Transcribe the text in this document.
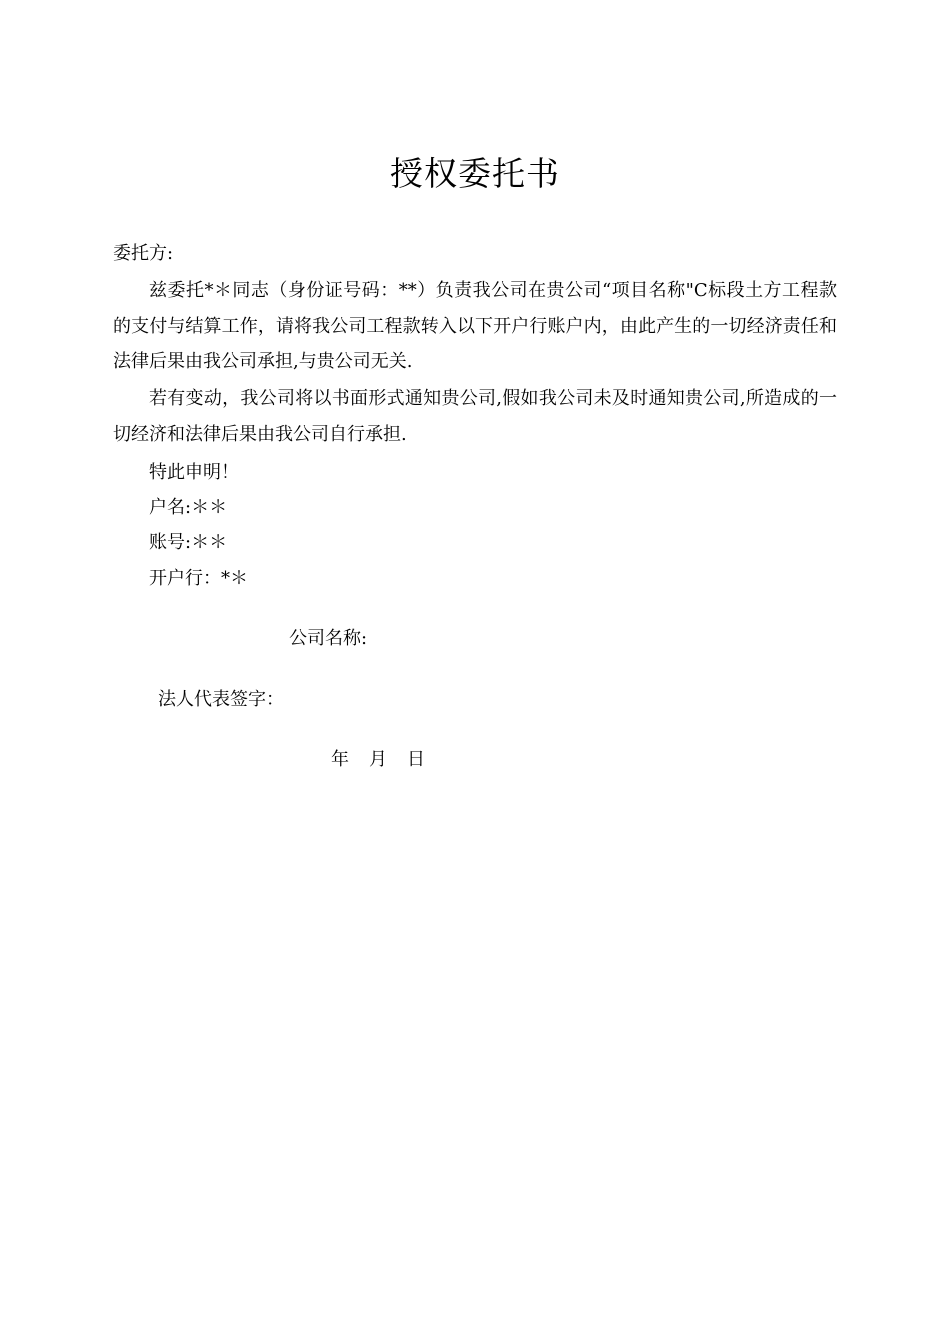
授权委托书
委托方:
兹委托*＊同志（身份证号码：**）负责我公司在贵公司“项目名称"C标段土方工程款的支付与结算工作，请将我公司工程款转入以下开户行账户内，由此产生的一切经济责任和法律后果由我公司承担,与贵公司无关.
若有变动，我公司将以书面形式通知贵公司,假如我公司未及时通知贵公司,所造成的一切经济和法律后果由我公司自行承担.
特此申明！
户名:＊＊
账号:＊＊
开户行：*＊
公司名称:
法人代表签字：
年 月 日
